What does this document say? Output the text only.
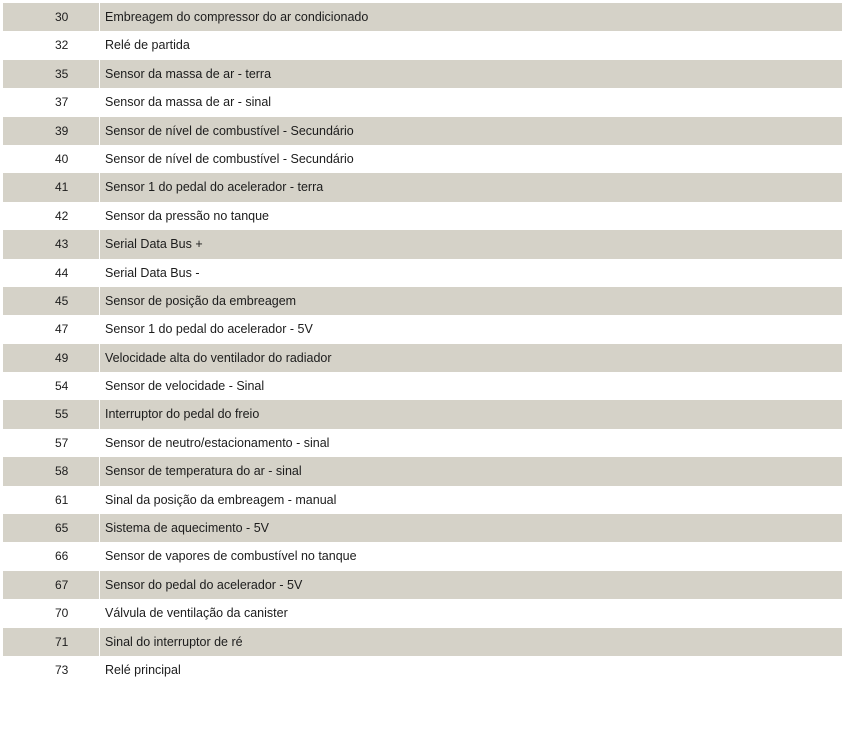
30	Embreagem do compressor do ar condicionado
32	Relé de partida
35	Sensor da massa de ar - terra
37	Sensor da massa de ar - sinal
39	Sensor de nível de combustível - Secundário
40	Sensor de nível de combustível - Secundário
41	Sensor 1 do pedal do acelerador - terra
42	Sensor da pressão no tanque
43	Serial Data Bus +
44	Serial Data Bus -
45	Sensor de posição da embreagem
47	Sensor 1 do pedal do acelerador - 5V
49	Velocidade alta do ventilador do radiador
54	Sensor de velocidade - Sinal
55	Interruptor do pedal do freio
57	Sensor de neutro/estacionamento - sinal
58	Sensor de temperatura do ar - sinal
61	Sinal da posição da embreagem - manual
65	Sistema de aquecimento - 5V
66	Sensor de vapores de combustível no tanque
67	Sensor do pedal do acelerador - 5V
70	Válvula de ventilação da canister
71	Sinal do interruptor de ré
73	Relé principal
